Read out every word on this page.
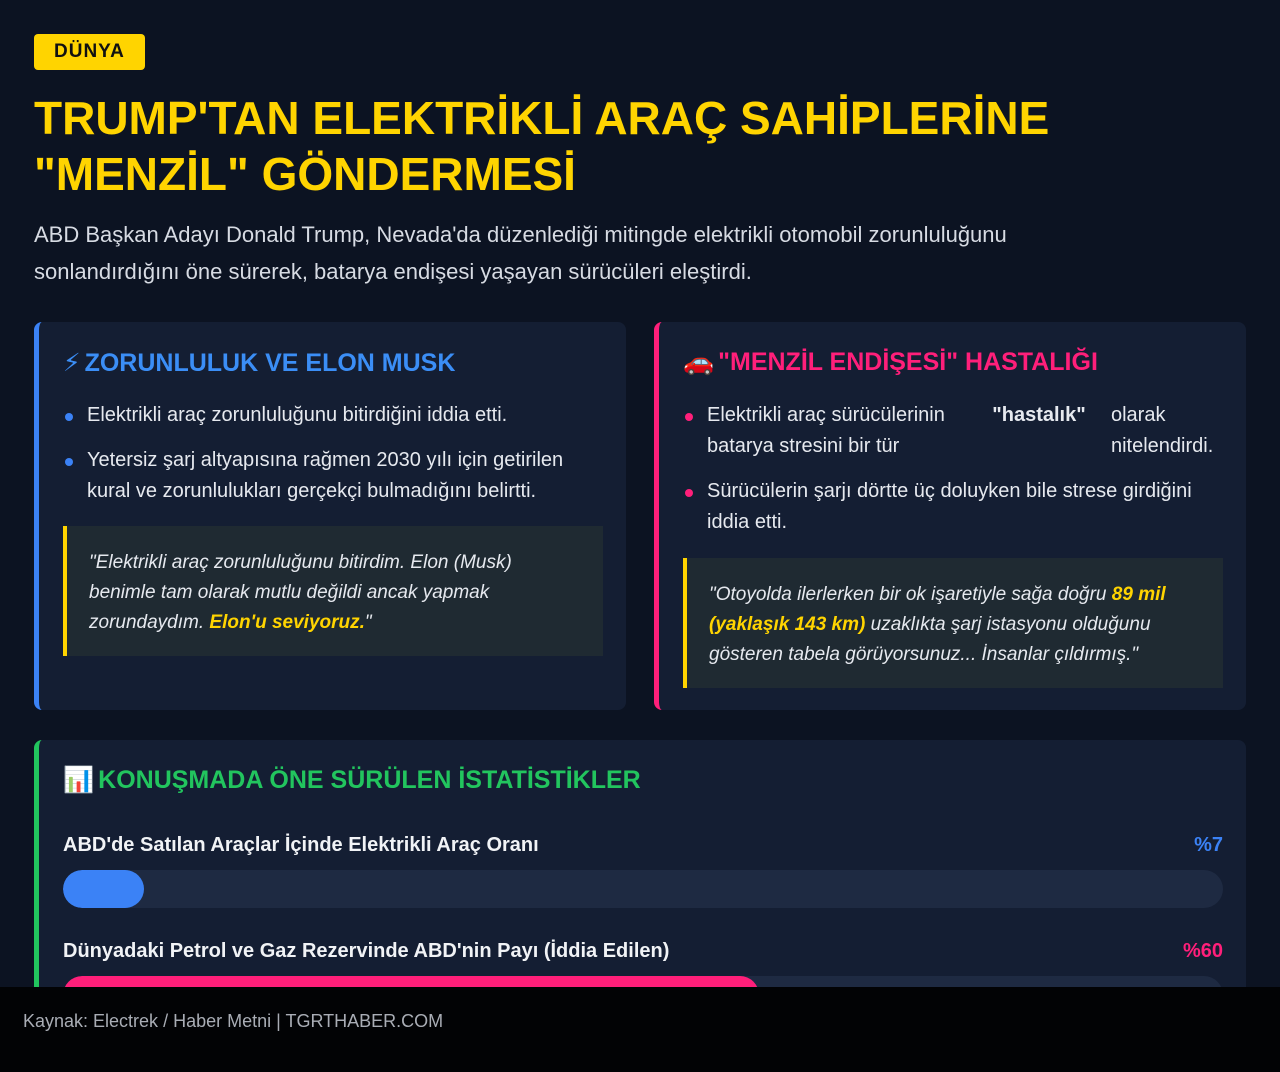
DÜNYA
TRUMP'TAN ELEKTRİKLİ ARAÇ SAHİPLERİNE "MENZİL" GÖNDERMESİ

ABD Başkan Adayı Donald Trump, Nevada'da düzenlediği mitingde elektrikli otomobil zorunluluğunu sonlandırdığını öne sürerek, batarya endişesi yaşayan sürücüleri eleştirdi.

⚡ ZORUNLULUK VE ELON MUSK
Elektrikli araç zorunluluğunu bitirdiğini iddia etti.
Yetersiz şarj altyapısına rağmen 2030 yılı için getirilen kural ve zorunlulukları gerçekçi bulmadığını belirtti.
"Elektrikli araç zorunluluğunu bitirdim. Elon (Musk) benimle tam olarak mutlu değildi ancak yapmak zorundaydım. Elon'u seviyoruz."
🚗 "MENZİL ENDİŞESİ" HASTALIĞI
Elektrikli araç sürücülerinin batarya stresini bir tür
"hastalık" olarak nitelendirdi.
Sürücülerin şarjı dörtte üç doluyken bile strese girdiğini iddia etti.
"Otoyolda ilerlerken bir ok işaretiyle sağa doğru 89 mil (yaklaşık 143 km) uzaklıkta şarj istasyonu olduğunu gösteren tabela görüyorsunuz... İnsanlar çıldırmış."
📊 KONUŞMADA ÖNE SÜRÜLEN İSTATİSTİKLER
ABD'de Satılan Araçlar İçinde Elektrikli Araç Oranı	%7
Dünyadaki Petrol ve Gaz Rezervinde ABD'nin Payı (İddia Edilen)	%60
Kaynak: Electrek / Haber Metni | TGRTHABER.COM
